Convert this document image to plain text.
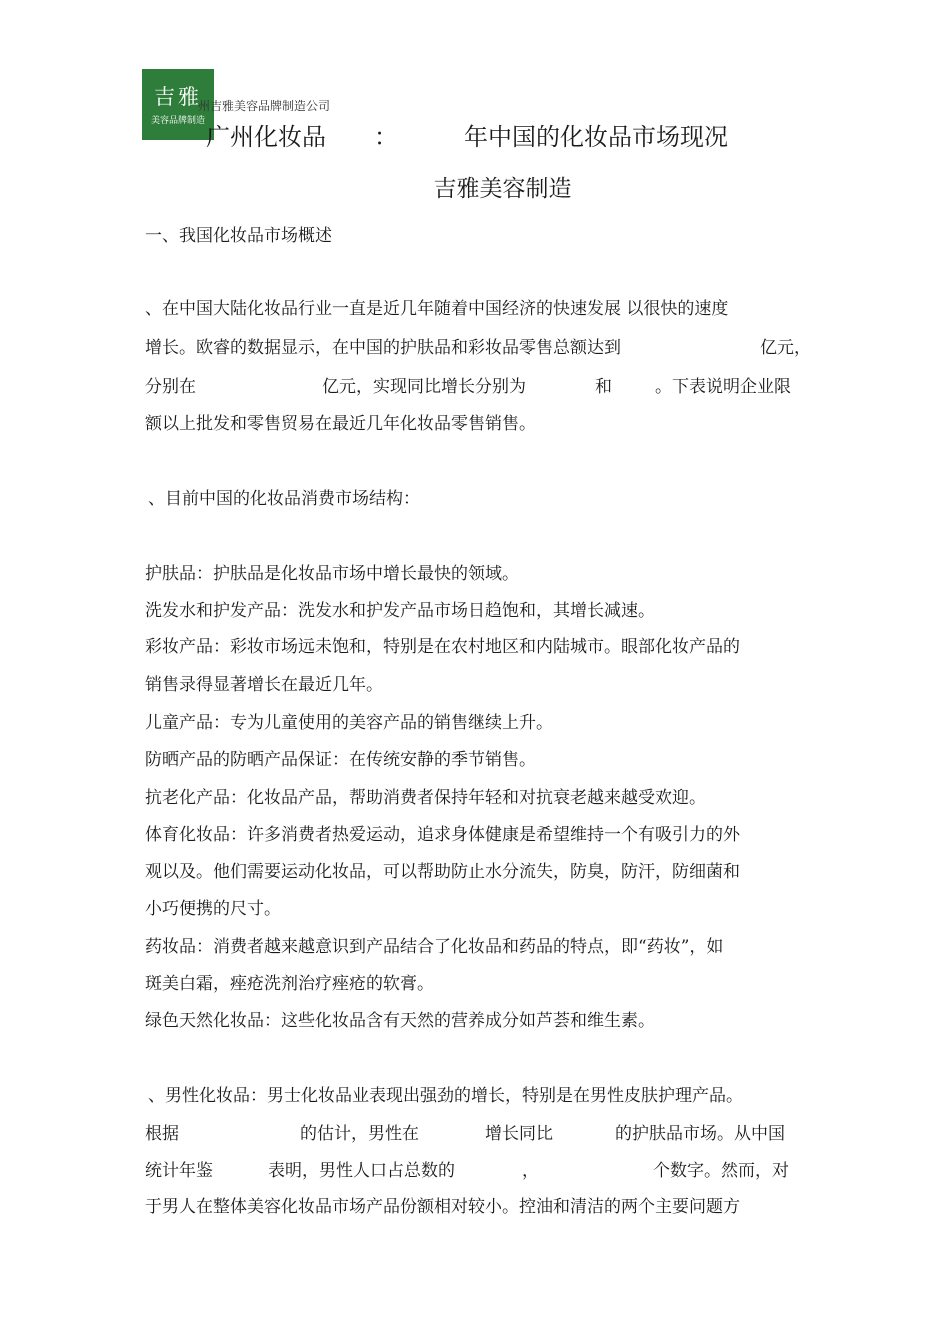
吉雅
美容品牌制造
州吉雅美容品牌制造公司
广州化妆品 ：	年中国的化妆品市场现况
吉雅美容制造
一、我国化妆品市场概述
、在中国大陆化妆品行业一直是近几年随着中国经济的快速发展 以很快的速度
增长。欧睿的数据显示，在中国的护肤品和彩妆品零售总额达到	亿元，
分别在	亿元，实现同比增长分别为	和	。下表说明企业限
额以上批发和零售贸易在最近几年化妆品零售销售。
、目前中国的化妆品消费市场结构：
护肤品：护肤品是化妆品市场中增长最快的领域。
洗发水和护发产品：洗发水和护发产品市场日趋饱和，其增长减速。
彩妆产品：彩妆市场远未饱和，特别是在农村地区和内陆城市。眼部化妆产品的
销售录得显著增长在最近几年。
儿童产品：专为儿童使用的美容产品的销售继续上升。
防晒产品的防晒产品保证：在传统安静的季节销售。
抗老化产品：化妆品产品，帮助消费者保持年轻和对抗衰老越来越受欢迎。
体育化妆品：许多消费者热爱运动，追求身体健康是希望维持一个有吸引力的外
观以及。他们需要运动化妆品，可以帮助防止水分流失，防臭，防汗，防细菌和
小巧便携的尺寸。
药妆品：消费者越来越意识到产品结合了化妆品和药品的特点，即“药妆”，如
斑美白霜，痤疮洗剂治疗痤疮的软膏。
绿色天然化妆品：这些化妆品含有天然的营养成分如芦荟和维生素。
、男性化妆品：男士化妆品业表现出强劲的增长，特别是在男性皮肤护理产品。
根据	的估计，男性在	增长同比	的护肤品市场。从中国
统计年鉴	表明，男性人口占总数的	，	个数字。然而，对
于男人在整体美容化妆品市场产品份额相对较小。控油和清洁的两个主要问题方
